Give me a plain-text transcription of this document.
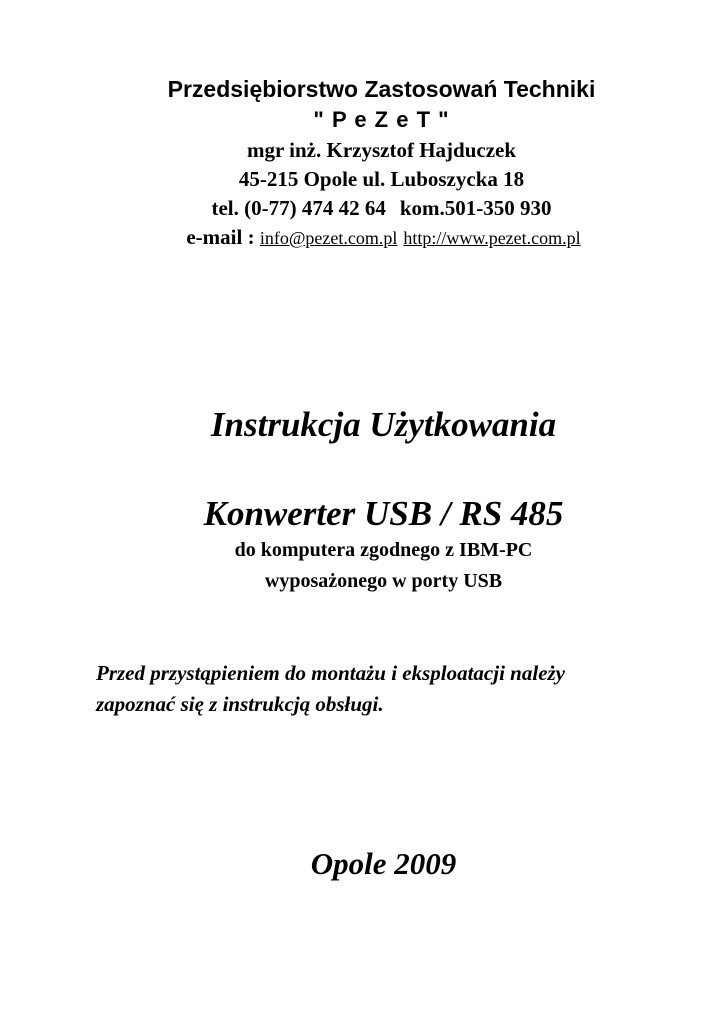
Przedsiębiorstwo Zastosowań Techniki
" P e Z e T "
mgr inż. Krzysztof Hajduczek
45-215 Opole ul. Luboszycka 18
tel. (0-77) 474 42 64 kom.501-350 930
e-mail : info@pezet.com.pl http://www.pezet.com.pl
Instrukcja Użytkowania
Konwerter USB / RS 485
do komputera zgodnego z IBM-PC
wyposażonego w porty USB
Przed przystąpieniem do montażu i eksploatacji należy
zapoznać się z instrukcją obsługi.
Opole 2009
